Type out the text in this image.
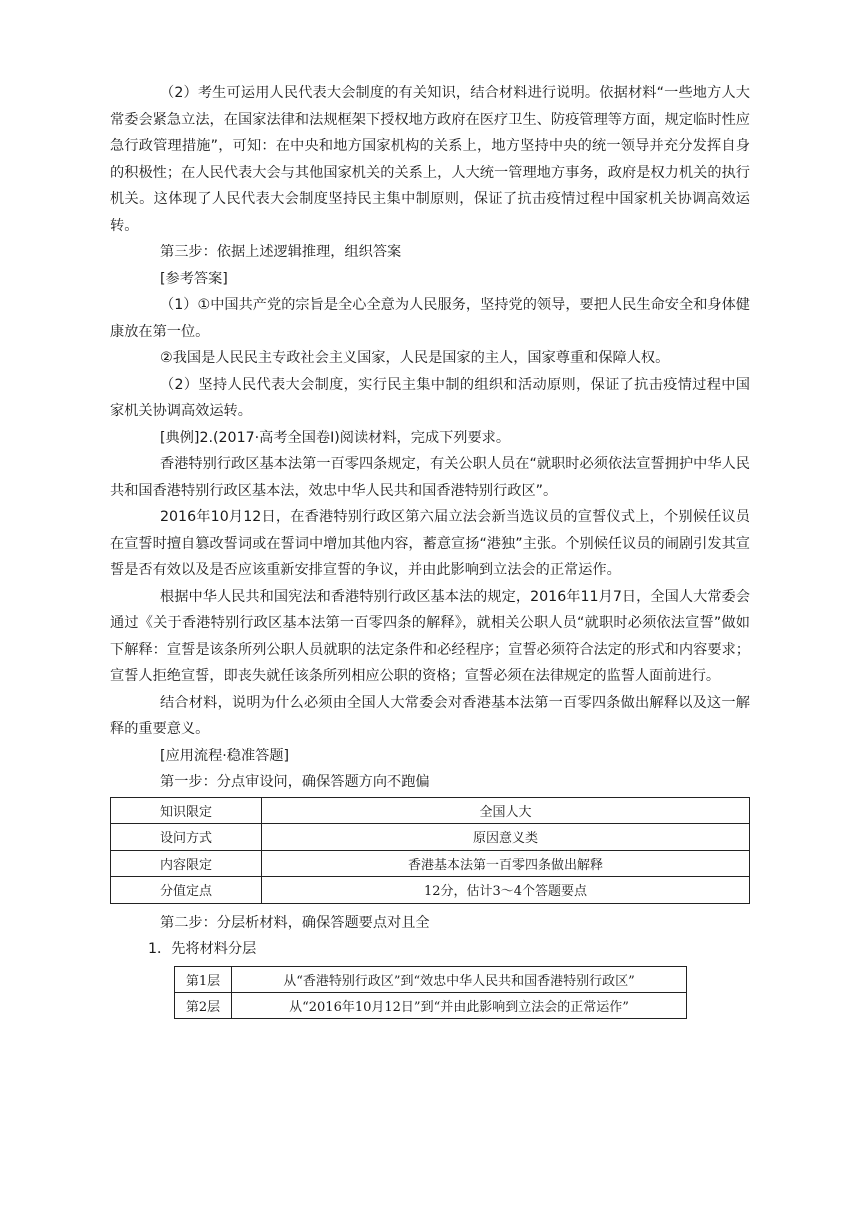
（2）考生可运用人民代表大会制度的有关知识，结合材料进行说明。依据材料“一些地方人大常委会紧急立法，在国家法律和法规框架下授权地方政府在医疗卫生、防疫管理等方面，规定临时性应急行政管理措施”，可知：在中央和地方国家机构的关系上，地方坚持中央的统一领导并充分发挥自身的积极性；在人民代表大会与其他国家机关的关系上，人大统一管理地方事务，政府是权力机关的执行机关。这体现了人民代表大会制度坚持民主集中制原则，保证了抗击疫情过程中国家机关协调高效运转。

第三步：依据上述逻辑推理，组织答案

[参考答案]

（1）①中国共产党的宗旨是全心全意为人民服务，坚持党的领导，要把人民生命安全和身体健康放在第一位。

②我国是人民民主专政社会主义国家，人民是国家的主人，国家尊重和保障人权。

（2）坚持人民代表大会制度，实行民主集中制的组织和活动原则，保证了抗击疫情过程中国家机关协调高效运转。

[典例]2.(2017·高考全国卷Ⅰ)阅读材料，完成下列要求。

香港特别行政区基本法第一百零四条规定，有关公职人员在“就职时必须依法宣誓拥护中华人民共和国香港特别行政区基本法，效忠中华人民共和国香港特别行政区”。

2016年10月12日，在香港特别行政区第六届立法会新当选议员的宣誓仪式上，个别候任议员在宣誓时擅自篡改誓词或在誓词中增加其他内容，蓄意宣扬“港独”主张。个别候任议员的闹剧引发其宣誓是否有效以及是否应该重新安排宣誓的争议，并由此影响到立法会的正常运作。

根据中华人民共和国宪法和香港特别行政区基本法的规定，2016年11月7日，全国人大常委会通过《关于香港特别行政区基本法第一百零四条的解释》，就相关公职人员“就职时必须依法宣誓”做如下解释：宣誓是该条所列公职人员就职的法定条件和必经程序；宣誓必须符合法定的形式和内容要求；宣誓人拒绝宣誓，即丧失就任该条所列相应公职的资格；宣誓必须在法律规定的监誓人面前进行。

结合材料，说明为什么必须由全国人大常委会对香港基本法第一百零四条做出解释以及这一解释的重要意义。

[应用流程·稳准答题]

第一步：分点审设问，确保答题方向不跑偏

知识限定	全国人大
设问方式	原因意义类
内容限定	香港基本法第一百零四条做出解释
分值定点	12分，估计3～4个答题要点

第二步：分层析材料，确保答题要点对且全

1．先将材料分层

第1层	从“香港特别行政区”到“效忠中华人民共和国香港特别行政区”
第2层	从“2016年10月12日”到“并由此影响到立法会的正常运作”
